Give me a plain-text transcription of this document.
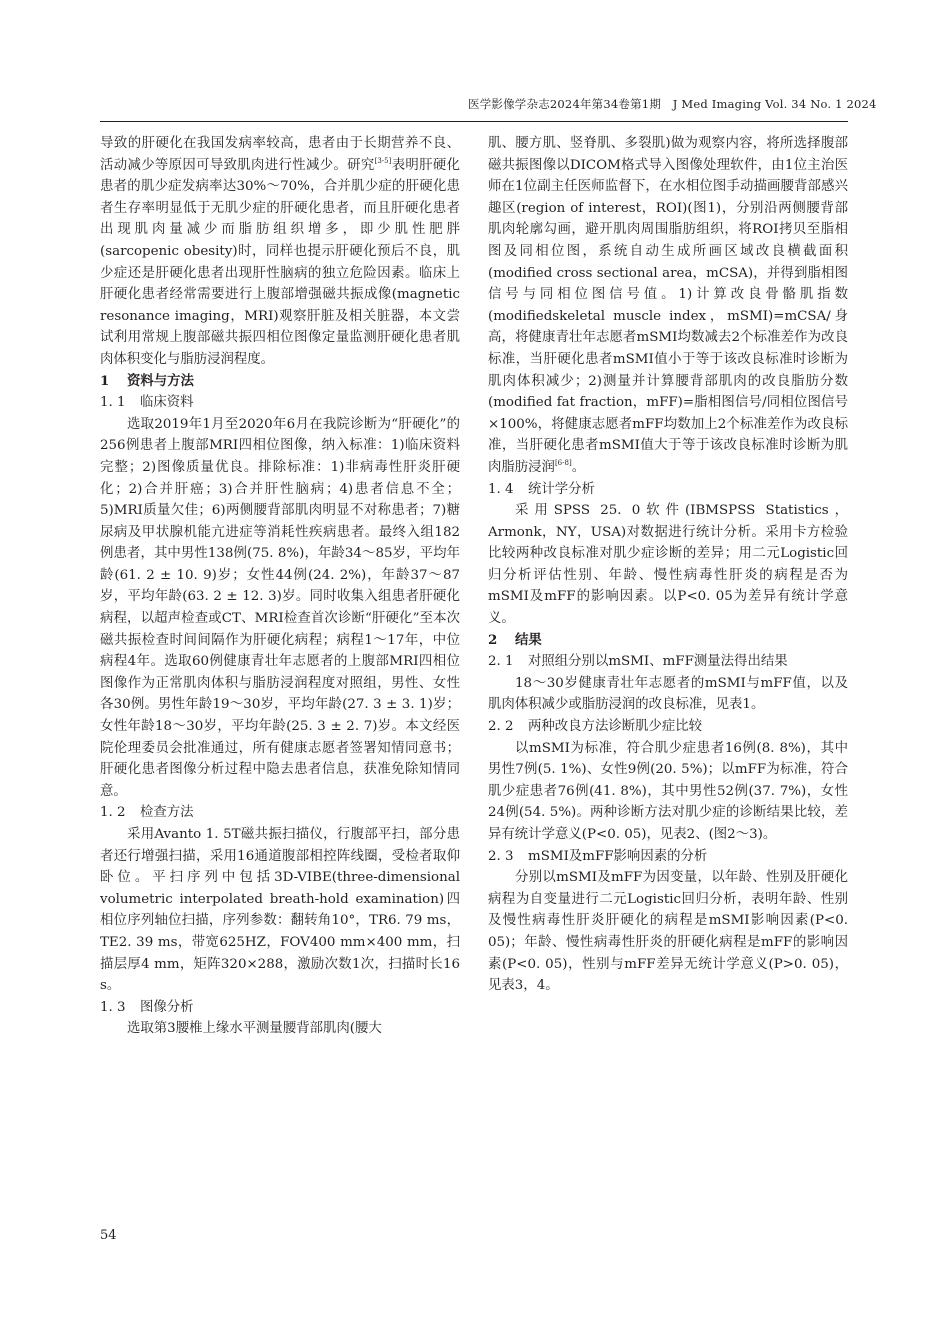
医学影像学杂志2024年第34卷第1期　J Med Imaging Vol. 34 No. 1 2024

导致的肝硬化在我国发病率较高，患者由于长期营养不良、活动减少等原因可导致肌肉进行性减少。研究[3-5]表明肝硬化患者的肌少症发病率达30%～70%，合并肌少症的肝硬化患者生存率明显低于无肌少症的肝硬化患者，而且肝硬化患者出现肌肉量减少而脂肪组织增多，即少肌性肥胖(sarcopenic obesity)时，同样也提示肝硬化预后不良，肌少症还是肝硬化患者出现肝性脑病的独立危险因素。临床上肝硬化患者经常需要进行上腹部增强磁共振成像(magnetic resonance imaging，MRI)观察肝脏及相关脏器，本文尝试利用常规上腹部磁共振四相位图像定量监测肝硬化患者肌肉体积变化与脂肪浸润程度。

1 资料与方法
1. 1 临床资料

选取2019年1月至2020年6月在我院诊断为“肝硬化”的256例患者上腹部MRI四相位图像，纳入标准：1)临床资料完整；2)图像质量优良。排除标准：1)非病毒性肝炎肝硬化；2)合并肝癌；3)合并肝性脑病；4)患者信息不全；5)MRI质量欠佳；6)两侧腰背部肌肉明显不对称患者；7)糖尿病及甲状腺机能亢进症等消耗性疾病患者。最终入组182例患者，其中男性138例(75. 8%)，年龄34～85岁，平均年龄(61. 2 ± 10. 9)岁；女性44例(24. 2%)，年龄37～87岁，平均年龄(63. 2 ± 12. 3)岁。同时收集入组患者肝硬化病程，以超声检查或CT、MRI检查首次诊断“肝硬化”至本次磁共振检查时间间隔作为肝硬化病程；病程1～17年，中位病程4年。选取60例健康青壮年志愿者的上腹部MRI四相位图像作为正常肌肉体积与脂肪浸润程度对照组，男性、女性各30例。男性年龄19～30岁，平均年龄(27. 3 ± 3. 1)岁；女性年龄18～30岁，平均年龄(25. 3 ± 2. 7)岁。本文经医院伦理委员会批准通过，所有健康志愿者签署知情同意书；肝硬化患者图像分析过程中隐去患者信息，获准免除知情同意。

1. 2 检查方法

采用Avanto 1. 5T磁共振扫描仪，行腹部平扫，部分患者还行增强扫描，采用16通道腹部相控阵线圈，受检者取仰卧位。平扫序列中包括3D-VIBE(three-dimensional volumetric interpolated breath-hold examination)四相位序列轴位扫描，序列参数：翻转角10°，TR6. 79 ms，TE2. 39 ms，带宽625HZ，FOV400 mm×400 mm，扫描层厚4 mm，矩阵320×288，激励次数1次，扫描时长16 s。

1. 3 图像分析

选取第3腰椎上缘水平测量腰背部肌肉(腰大

肌、腰方肌、竖脊肌、多裂肌)做为观察内容，将所选择腹部磁共振图像以DICOM格式导入图像处理软件，由1位主治医师在1位副主任医师监督下，在水相位图手动描画腰背部感兴趣区(region of interest，ROI)(图1)，分别沿两侧腰背部肌肉轮廓勾画，避开肌肉周围脂肪组织，将ROI拷贝至脂相图及同相位图，系统自动生成所画区域改良横截面积(modified cross sectional area，mCSA)，并得到脂相图信号与同相位图信号值。1)计算改良骨骼肌指数(modifiedskeletal muscle index，mSMI)=mCSA/身高，将健康青壮年志愿者mSMI均数减去2个标准差作为改良标准，当肝硬化患者mSMI值小于等于该改良标准时诊断为肌肉体积减少；2)测量并计算腰背部肌肉的改良脂肪分数(modified fat fraction，mFF)=脂相图信号/同相位图信号×100%，将健康志愿者mFF均数加上2个标准差作为改良标准，当肝硬化患者mSMI值大于等于该改良标准时诊断为肌肉脂肪浸润[6-8]。

1. 4 统计学分析

采用SPSS 25. 0软件(IBMSPSS Statistics，Armonk，NY，USA)对数据进行统计分析。采用卡方检验比较两种改良标准对肌少症诊断的差异；用二元Logistic回归分析评估性别、年龄、慢性病毒性肝炎的病程是否为mSMI及mFF的影响因素。以P<0. 05为差异有统计学意义。

2 结果
2. 1 对照组分别以mSMI、mFF测量法得出结果

18～30岁健康青壮年志愿者的mSMI与mFF值，以及肌肉体积减少或脂肪浸润的改良标准，见表1。

2. 2 两种改良方法诊断肌少症比较

以mSMI为标准，符合肌少症患者16例(8. 8%)，其中男性7例(5. 1%)、女性9例(20. 5%)；以mFF为标准，符合肌少症患者76例(41. 8%)，其中男性52例(37. 7%)，女性24例(54. 5%)。两种诊断方法对肌少症的诊断结果比较，差异有统计学意义(P<0. 05)，见表2、(图2～3)。

2. 3 mSMI及mFF影响因素的分析

分别以mSMI及mFF为因变量，以年龄、性别及肝硬化病程为自变量进行二元Logistic回归分析，表明年龄、性别及慢性病毒性肝炎肝硬化的病程是mSMI影响因素(P<0. 05)；年龄、慢性病毒性肝炎的肝硬化病程是mFF的影响因素(P<0. 05)，性别与mFF差异无统计学意义(P>0. 05)，见表3，4。

54
